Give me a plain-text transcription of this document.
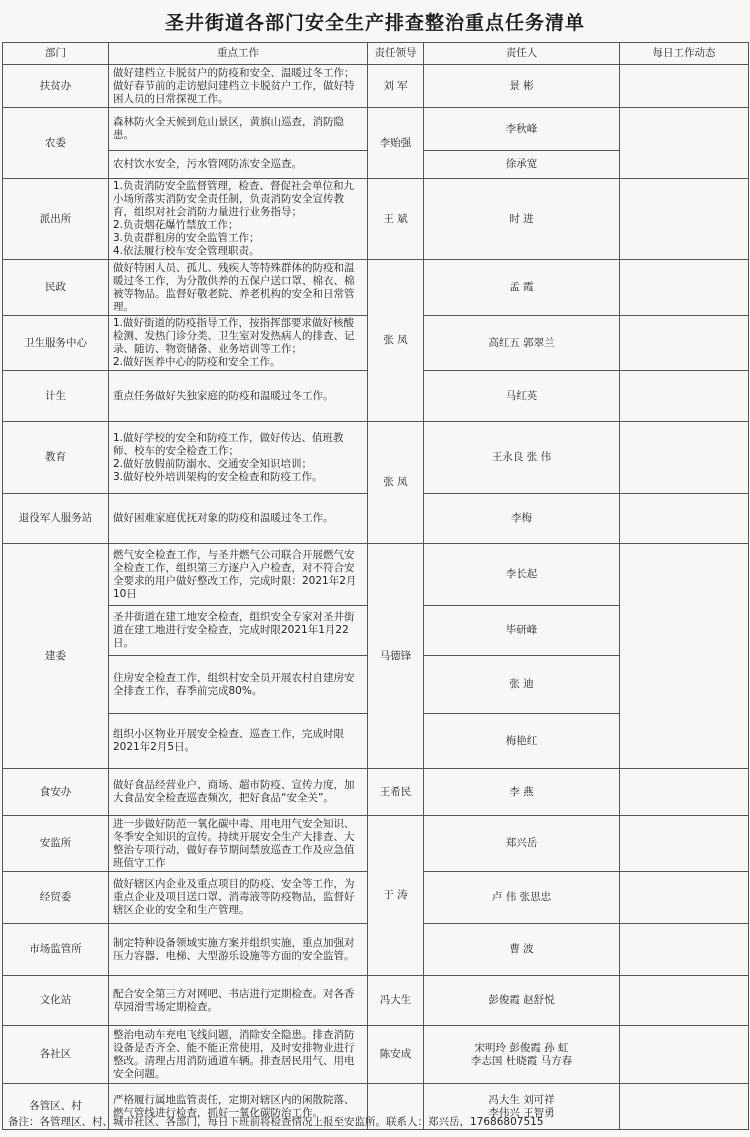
圣井街道各部门安全生产排查整治重点任务清单
部门	重点工作	责任领导	责任人	每日工作动态
扶贫办	做好建档立卡脱贫户的防疫和安全、温暖过冬工作；做好春节前的走访慰问建档立卡脱贫户工作，做好特困人员的日常探视工作。	刘 军	景 彬	
农委	森林防火全天候到危山景区，黄旗山巡查，消防隐患。	李贻强	李秋峰	
	农村饮水安全，污水管网防冻安全巡查。		徐承宽	
派出所	1.负责消防安全监督管理，检查、督促社会单位和九小场所落实消防安全责任制，负责消防安全宣传教育，组织对社会消防力量进行业务指导；
2.负责烟花爆竹禁放工作；
3.负责群租房的安全监管工作；
4.依法履行校车安全管理职责。	王 斌	时 进	
民政	做好特困人员、孤儿、残疾人等特殊群体的防疫和温暖过冬工作，为分散供养的五保户送口罩、棉衣、棉被等物品。监督好敬老院、养老机构的安全和日常管理。	张 凤	孟 霞	
卫生服务中心	1.做好街道的防疫指导工作，按指挥部要求做好核酸检测、发热门诊分类、卫生室对发热病人的排查、记录、随访、物资储备、业务培训等工作；
2.做好医养中心的防疫和安全工作。		高红五 郭翠兰	
计生	重点任务做好失独家庭的防疫和温暖过冬工作。		马红英	
教育	1.做好学校的安全和防疫工作，做好传达、值班教师、校车的安全检查工作；
2.做好放假前防溺水、交通安全知识培训；
3.做好校外培训架构的安全检查和防疫工作。	张 凤	王永良 张 伟	
退役军人服务站	做好困难家庭优抚对象的防疫和温暖过冬工作。		李梅	
建委	燃气安全检查工作，与圣井燃气公司联合开展燃气安全检查工作，组织第三方逐户入户检查，对不符合安全要求的用户做好整改工作，完成时限：2021年2月10日	马德锋	李长起	
	圣井街道在建工地安全检查，组织安全专家对圣井街道在建工地进行安全检查，完成时限2021年1月22日。		毕研峰	
	住房安全检查工作，组织村安全员开展农村自建房安全排查工作，春季前完成80%。		张 迪	
	组织小区物业开展安全检查、巡查工作，完成时限2021年2月5日。		梅艳红	
食安办	做好食品经营业户、商场、超市防疫、宣传力度，加大食品安全检查巡查频次，把好食品“安全关”。	王希民	李 燕	
安监所	进一步做好防范一氧化碳中毒、用电用气安全知识、冬季安全知识的宣传。持续开展安全生产大排查、大整治专项行动，做好春节期间禁放巡查工作及应急值班值守工作	于 涛	郑兴岳	
经贸委	做好辖区内企业及重点项目的防疫、安全等工作，为重点企业及项目送口罩、消毒液等防疫物品，监督好辖区企业的安全和生产管理。		卢 伟 张思忠	
市场监管所	制定特种设备领域实施方案并组织实施，重点加强对压力容器、电梯、大型游乐设施等方面的安全监管。		曹 波	
文化站	配合安全第三方对网吧、书店进行定期检查。对各香草园滑雪场定期检查。	冯大生	彭俊霞 赵舒悦	
各社区	整治电动车充电飞线问题，消除安全隐患。排查消防设备是否齐全、能不能正常使用，及时安排物业进行整改。清理占用消防通道车辆。排查居民用气、用电安全问题。	陈安成	宋明玲 彭俊霞 孙 虹
李志国 杜晓霞 马方春	
各管区、村	严格履行属地监管责任，定期对辖区内的闲散院落、燃气管线进行检查，抓好一氧化碳防治工作。		冯大生 刘可祥
李伟兴 王智勇	
备注：各管理区、村、城市社区、各部门，每日下班前将检查情况上报至安监所。联系人：郑兴岳，17686807515
